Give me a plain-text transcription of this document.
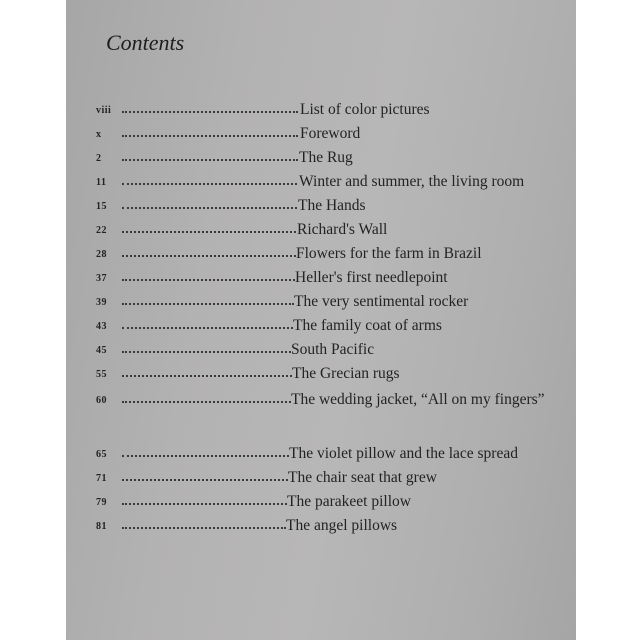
Contents
viii	List of color pictures
x	Foreword
2	The Rug
11	Winter and summer, the living room
15	The Hands
22	Richard's Wall
28	Flowers for the farm in Brazil
37	Heller's first needlepoint
39	The very sentimental rocker
43	The family coat of arms
45	South Pacific
55	The Grecian rugs
60	The wedding jacket, “All on my fingers”
65	The violet pillow and the lace spread
71	The chair seat that grew
79	The parakeet pillow
81	The angel pillows
